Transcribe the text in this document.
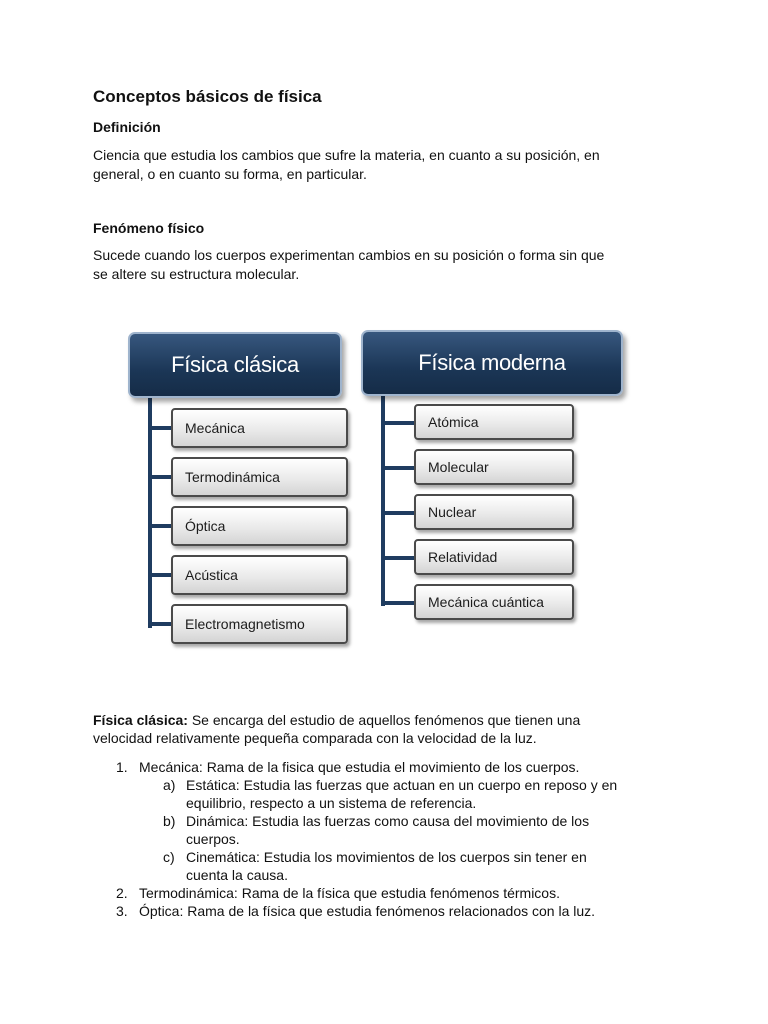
Conceptos básicos de física
Definición

Ciencia que estudia los cambios que sufre la materia, en cuanto a su posición, en

general, o en cuanto su forma, en particular.

Fenómeno físico

Sucede cuando los cuerpos experimentan cambios en su posición o forma sin que

se altere su estructura molecular.

Física clásica
Mecánica
Termodinámica
Óptica
Acústica
Electromagnetismo
Física moderna
Atómica
Molecular
Nuclear
Relatividad
Mecánica cuántica
Física clásica: Se encarga del estudio de aquellos fenómenos que tienen una
velocidad relativamente pequeña comparada con la velocidad de la luz.
1. Mecánica: Rama de la fisica que estudia el movimiento de los cuerpos.
a) Estática: Estudia las fuerzas que actuan en un cuerpo en reposo y en
equilibrio, respecto a un sistema de referencia.
b) Dinámica: Estudia las fuerzas como causa del movimiento de los
cuerpos.
c) Cinemática: Estudia los movimientos de los cuerpos sin tener en
cuenta la causa.
2. Termodinámica: Rama de la física que estudia fenómenos térmicos.
3. Óptica: Rama de la física que estudia fenómenos relacionados con la luz.
